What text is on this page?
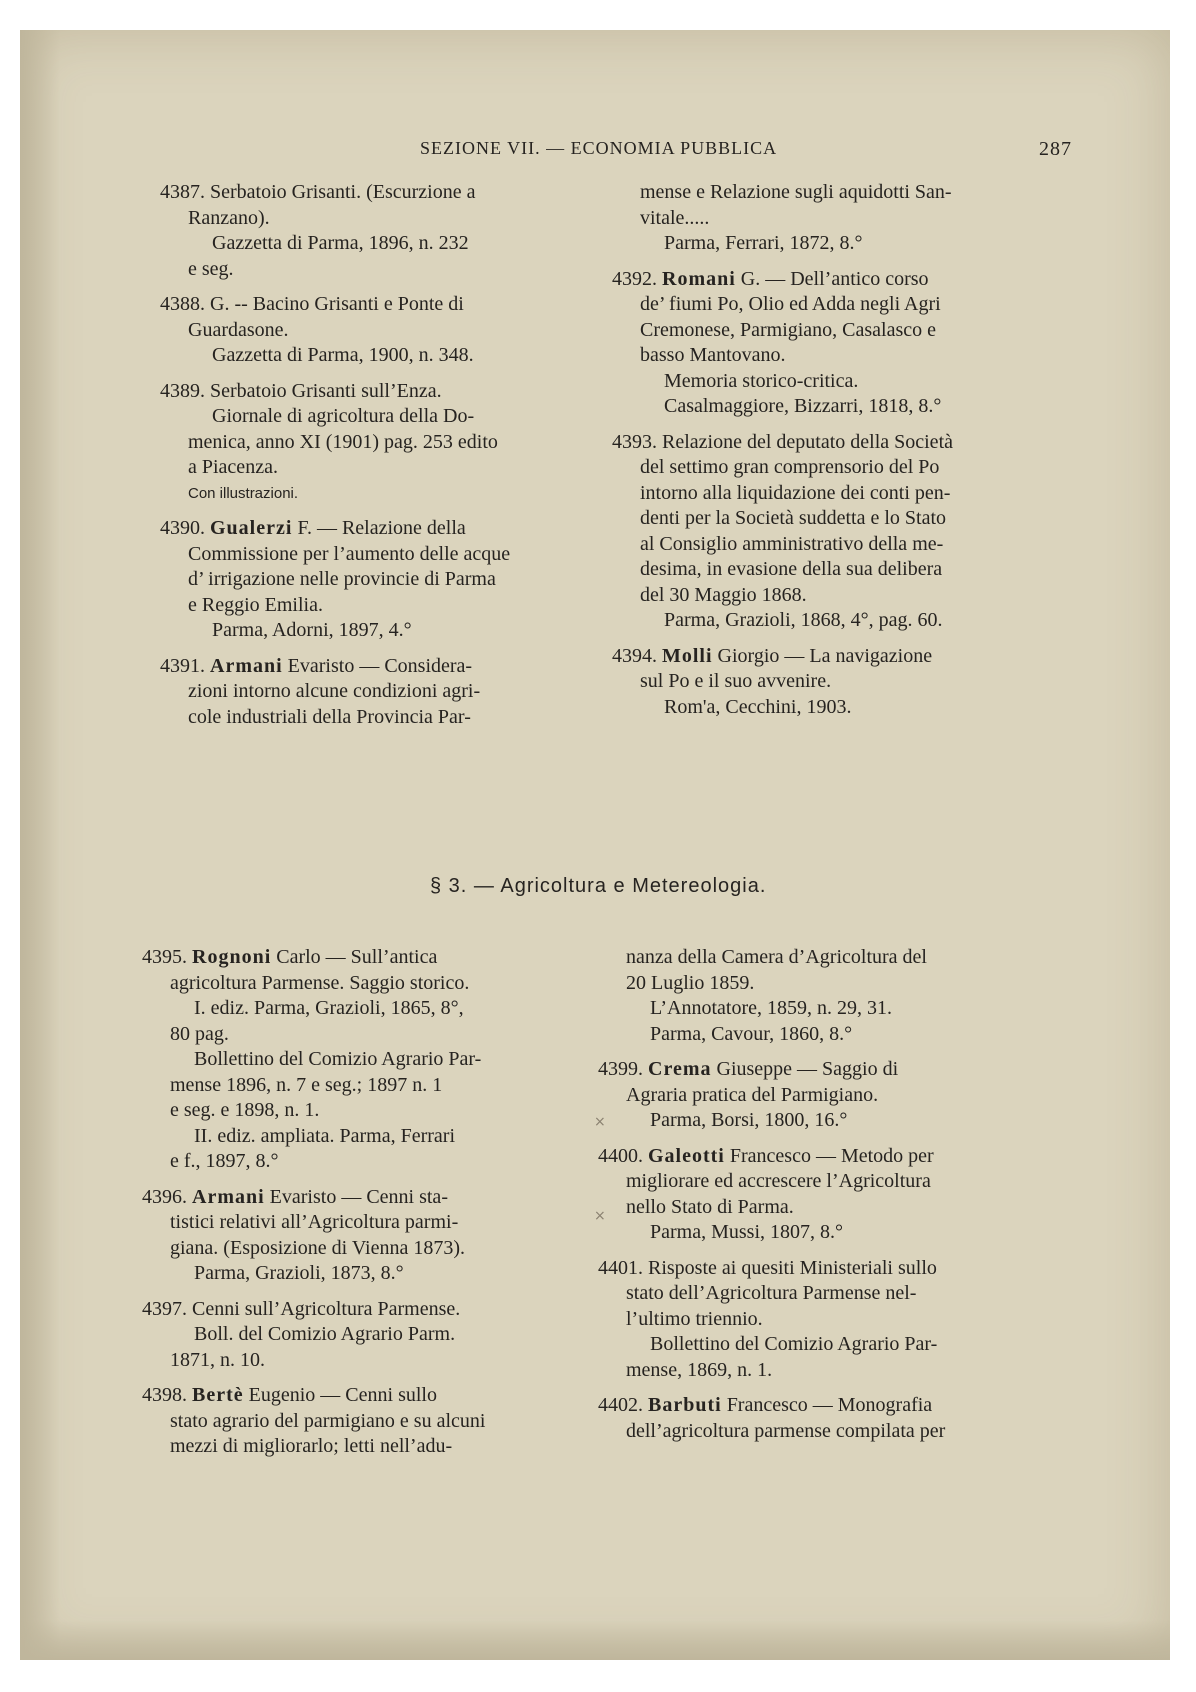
SEZIONE VII. — ECONOMIA PUBBLICA	287
4387. Serbatoio Grisanti. (Escurzione a
Ranzano).
Gazzetta di Parma, 1896, n. 232
e seg.
4388. G. -- Bacino Grisanti e Ponte di
Guardasone.
Gazzetta di Parma, 1900, n. 348.
4389. Serbatoio Grisanti sull’Enza.
Giornale di agricoltura della Do-
menica, anno XI (1901) pag. 253 edito
a Piacenza.
Con illustrazioni.
4390. Gualerzi F. — Relazione della
Commissione per l’aumento delle acque
d’ irrigazione nelle provincie di Parma
e Reggio Emilia.
Parma, Adorni, 1897, 4.°
4391. Armani Evaristo — Considera-
zioni intorno alcune condizioni agri-
cole industriali della Provincia Par-
mense e Relazione sugli aquidotti San-
vitale.....
Parma, Ferrari, 1872, 8.°
4392. Romani G. — Dell’antico corso
de’ fiumi Po, Olio ed Adda negli Agri
Cremonese, Parmigiano, Casalasco e
basso Mantovano.
Memoria storico-critica.
Casalmaggiore, Bizzarri, 1818, 8.°
4393. Relazione del deputato della Società
del settimo gran comprensorio del Po
intorno alla liquidazione dei conti pen-
denti per la Società suddetta e lo Stato
al Consiglio amministrativo della me-
desima, in evasione della sua delibera
del 30 Maggio 1868.
Parma, Grazioli, 1868, 4°, pag. 60.
4394. Molli Giorgio — La navigazione
sul Po e il suo avvenire.
Rom'a, Cecchini, 1903.
§ 3. — Agricoltura e Metereologia.
4395. Rognoni Carlo — Sull’antica
agricoltura Parmense. Saggio storico.
I. ediz. Parma, Grazioli, 1865, 8°,
80 pag.
Bollettino del Comizio Agrario Par-
mense 1896, n. 7 e seg.; 1897 n. 1
e seg. e 1898, n. 1.
II. ediz. ampliata. Parma, Ferrari
e f., 1897, 8.°
4396. Armani Evaristo — Cenni sta-
tistici relativi all’Agricoltura parmi-
giana. (Esposizione di Vienna 1873).
Parma, Grazioli, 1873, 8.°
4397. Cenni sull’Agricoltura Parmense.
Boll. del Comizio Agrario Parm.
1871, n. 10.
4398. Bertè Eugenio — Cenni sullo
stato agrario del parmigiano e su alcuni
mezzi di migliorarlo; letti nell’adu-
nanza della Camera d’Agricoltura del
20 Luglio 1859.
L’Annotatore, 1859, n. 29, 31.
Parma, Cavour, 1860, 8.°
4399. Crema Giuseppe — Saggio di
Agraria pratica del Parmigiano.
Parma, Borsi, 1800, 16.°
4400. Galeotti Francesco — Metodo per
migliorare ed accrescere l’Agricoltura
nello Stato di Parma.
Parma, Mussi, 1807, 8.°
4401. Risposte ai quesiti Ministeriali sullo
stato dell’Agricoltura Parmense nel-
l’ultimo triennio.
Bollettino del Comizio Agrario Par-
mense, 1869, n. 1.
4402. Barbuti Francesco — Monografia
dell’agricoltura parmense compilata per
×
×
